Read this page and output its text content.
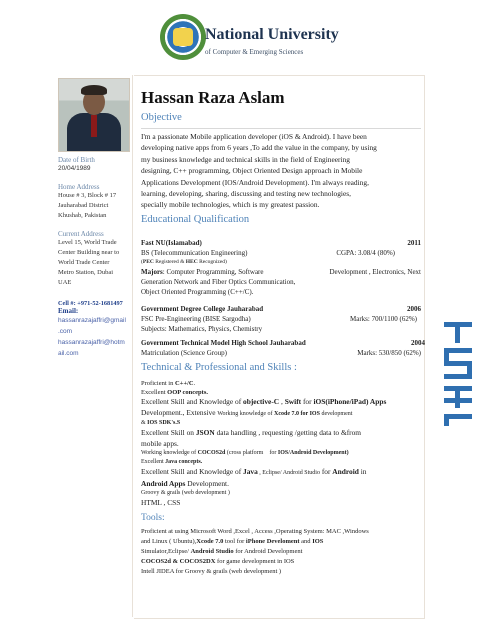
National University
of Computer & Emerging Sciences
Date of Birth
20/04/1989
Home Address
House # 3, Block # 17
Jauharabad District
Khushab, Pakistan
Current Address
Level 15, World Trade
Center Building near to
World Trade Center
Metro Station, Dubai
UAE
Cell #: +971-52-1681497
Email:
hassanrazajaffri@gmail
.com
hassanrazajaffri@hotm
ail.com
Hassan Raza Aslam
Objective
I'm a passionate Mobile application developer (iOS & Android). I have been
developing native apps from 6 years ,To add the value in the company, by using
my business knowledge and technical skills in the field of Engineering
designing, C++ programming, Object Oriented Design approach in Mobile
Applications Development (IOS/Android Development). I'm always reading,
learning, developing, sharing, discussing and testing new technologies,
specially mobile technologies, which is my greatest passion.
Educational Qualification
Fast NU(Islamabad)	2011
BS (Telecommunication Engineering)	CGPA: 3.08/4 (80%)
(PEC Registered & HEC Recognized)
Majors: Computer Programming, Software	Development , Electronics, Next
Generation Network and Fiber Optics Communication,
Object Oriented Programming (C++/C).
Government Degree College Jauharabad	2006
FSC Pre-Engineering (BISE Sargodha)	Marks: 700/1100 (62%)
Subjects: Mathematics, Physics, Chemistry
Government Technical Model High School Jauharabad	2004
Matriculation (Science Group)	Marks: 530/850 (62%)
Technical & Professional and Skills :
Proficient in C++/C.
Excellent OOP concepts.
Excellent Skill and Knowledge of objective-C , Swift for iOS(iPhone/iPad) Apps
Development., Extensive Working knowledge of Xcode 7.0 for IOS development
& IOS SDK's.S
Excellent Skill on JSON data handling , requesting /getting data to &from
mobile apps.
Working knowledge of COCOS2d (cross platform for IOS/Android Development)
Excellent Java concepts.
Excellent Skill and Knowledge of Java , Eclipse/ Android Studio for Android in
Android Apps Development.
Groovy & grails (web development )
HTML , CSS
Tools:
Proficient at using Microsoft Word ,Excel , Access ,Operating System: MAC ,Windows
and Linux ( Ubuntu),Xcode 7.0 tool for iPhone Develoment and IOS
Simulator,Eclipse/ Android Studio for Android Development
COCOS2d & COCOS2DX for game development in IOS
Intell JIDEA for Groovy & grails (web development )
